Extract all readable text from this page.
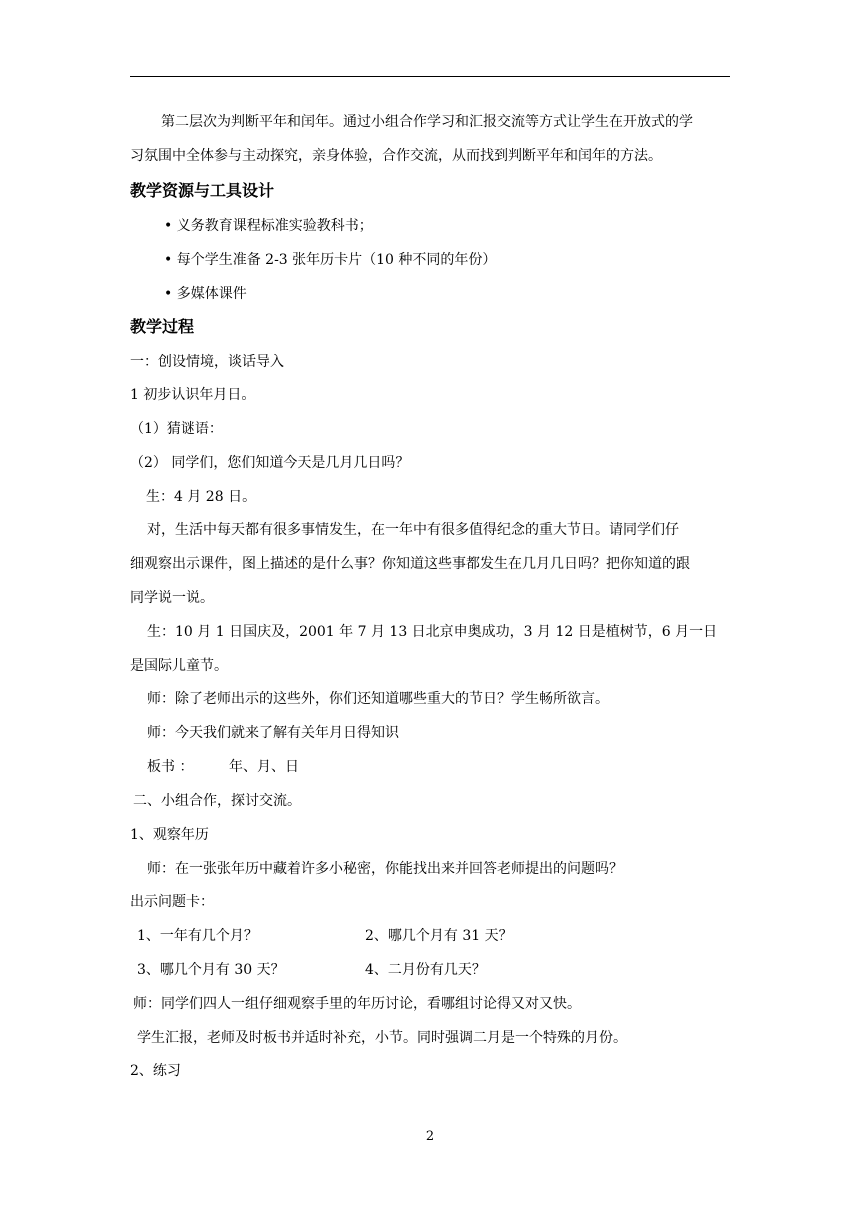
第二层次为判断平年和闰年。通过小组合作学习和汇报交流等方式让学生在开放式的学
习氛围中全体参与主动探究，亲身体验，合作交流，从而找到判断平年和闰年的方法。
教学资源与工具设计
• 义务教育课程标准实验教科书；
• 每个学生准备 2-3 张年历卡片（10 种不同的年份）
• 多媒体课件
教学过程
一：创设情境，谈话导入
1 初步认识年月日。
（1）猜谜语：
（2） 同学们，您们知道今天是几月几日吗？
生：4 月 28 日。
对，生活中每天都有很多事情发生，在一年中有很多值得纪念的重大节日。请同学们仔
细观察出示课件，图上描述的是什么事？你知道这些事都发生在几月几日吗？把你知道的跟
同学说一说。
生：10 月 1 日国庆及，2001 年 7 月 13 日北京申奥成功，3 月 12 日是植树节，6 月一日
是国际儿童节。
师：除了老师出示的这些外，你们还知道哪些重大的节日？学生畅所欲言。
师：今天我们就来了解有关年月日得知识
板书 ：	年、月、日
二、小组合作，探讨交流。
1、观察年历
师：在一张张年历中藏着许多小秘密，你能找出来并回答老师提出的问题吗？
出示问题卡：
1、一年有几个月？	2、哪几个月有 31 天？
3、哪几个月有 30 天？	4、二月份有几天？
师：同学们四人一组仔细观察手里的年历讨论，看哪组讨论得又对又快。
学生汇报，老师及时板书并适时补充，小节。同时强调二月是一个特殊的月份。
2、练习
2
